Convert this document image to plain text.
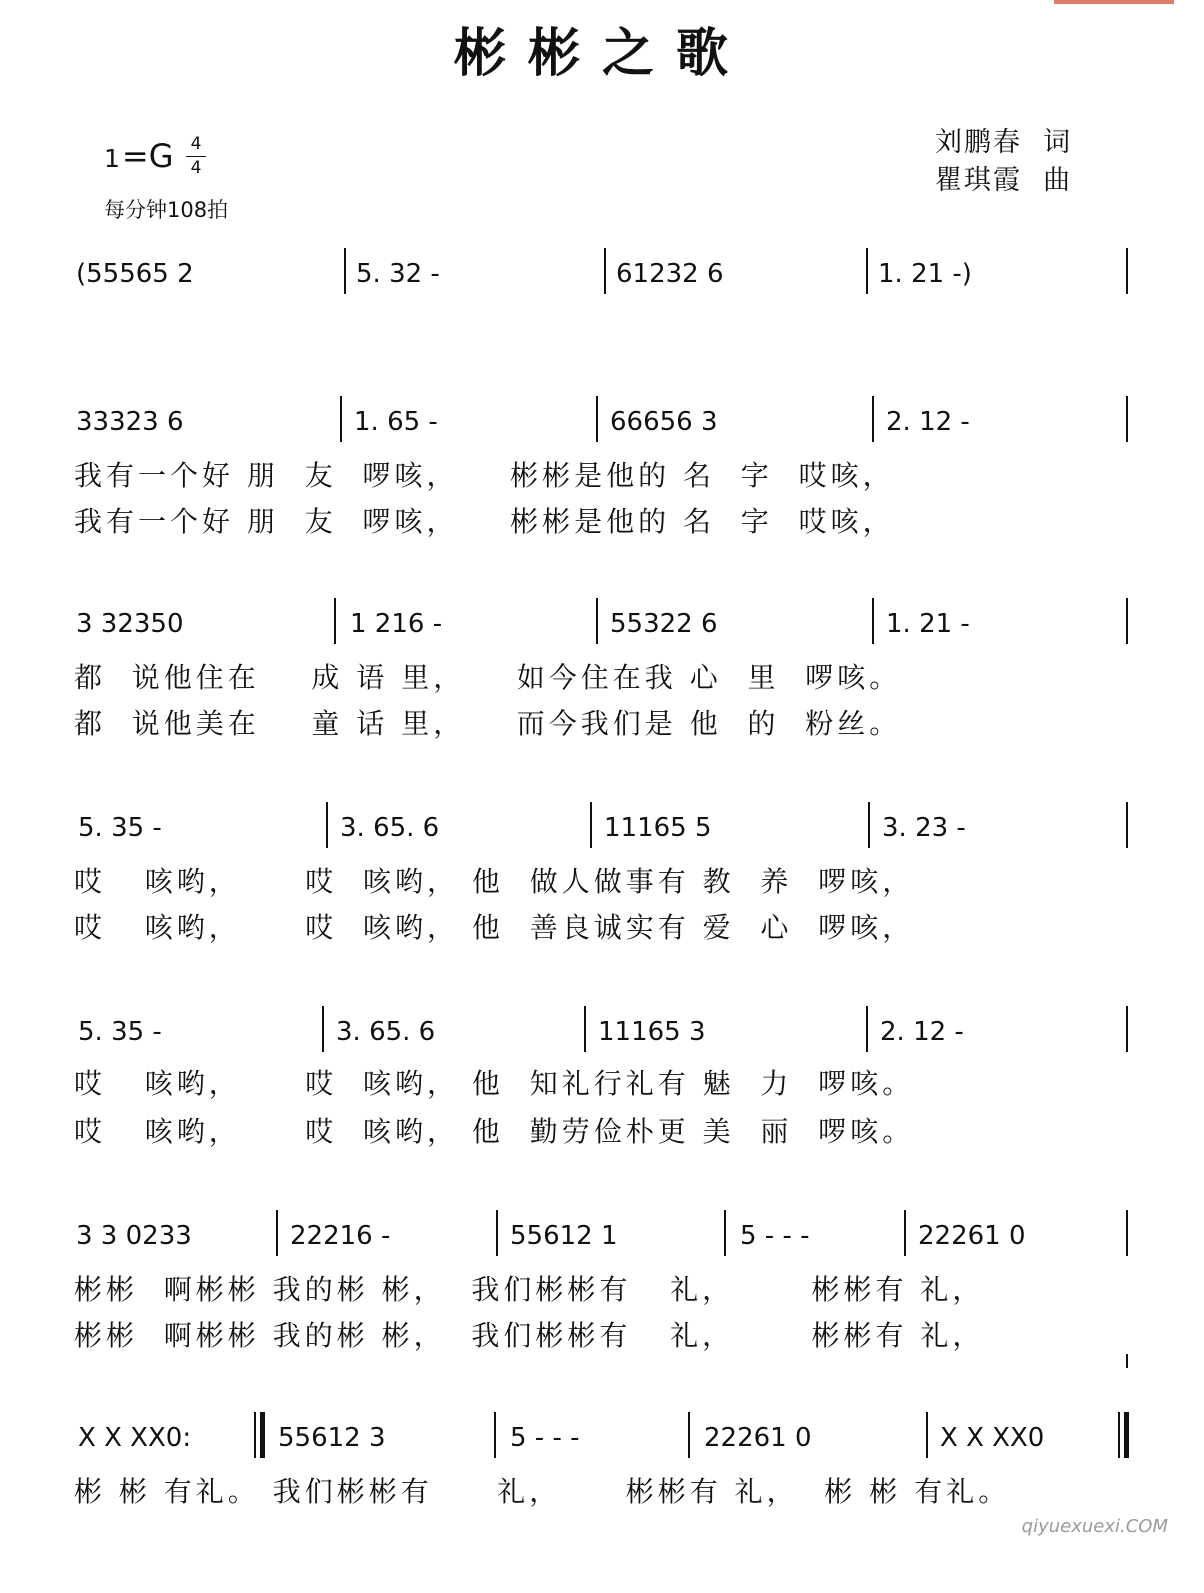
彬彬之歌
1=G 4
4
每分钟108拍
刘鹏春  词
瞿琪霞  曲
(55565 2	5. 32 -	61232 6	1. 21 -)
33323 6	1. 65 -	66656 3	2. 12 -
我有一个好 朋  友  啰咳，    彬彬是他的 名  字  哎咳，
我有一个好 朋  友  啰咳，    彬彬是他的 名  字  哎咳，
3 32350	1 216 -	55322 6	1. 21 -
都  说他住在    成 语 里，    如今住在我 心  里  啰咳。
都  说他美在    童 话 里，    而今我们是 他  的  粉丝。
5. 35 -	3. 65. 6	11165 5	3. 23 -
哎   咳哟，     哎  咳哟， 他  做人做事有 教  养  啰咳，
哎   咳哟，     哎  咳哟， 他  善良诚实有 爱  心  啰咳，
5. 35 -	3. 65. 6	11165 3	2. 12 -
哎   咳哟，     哎  咳哟， 他  知礼行礼有 魅  力  啰咳。
哎   咳哟，     哎  咳哟， 他  勤劳俭朴更 美  丽  啰咳。
3 3 0233	22216 -	55612 1	5 - - -	22261 0
彬彬  啊彬彬 我的彬 彬，  我们彬彬有   礼，      彬彬有 礼，
彬彬  啊彬彬 我的彬 彬，  我们彬彬有   礼，      彬彬有 礼，
X X XX0:	55612 3	5 - - -	22261 0	X X XX0
彬 彬 有礼。 我们彬彬有     礼，     彬彬有 礼，  彬 彬 有礼。
qiyuexuexi.COM
